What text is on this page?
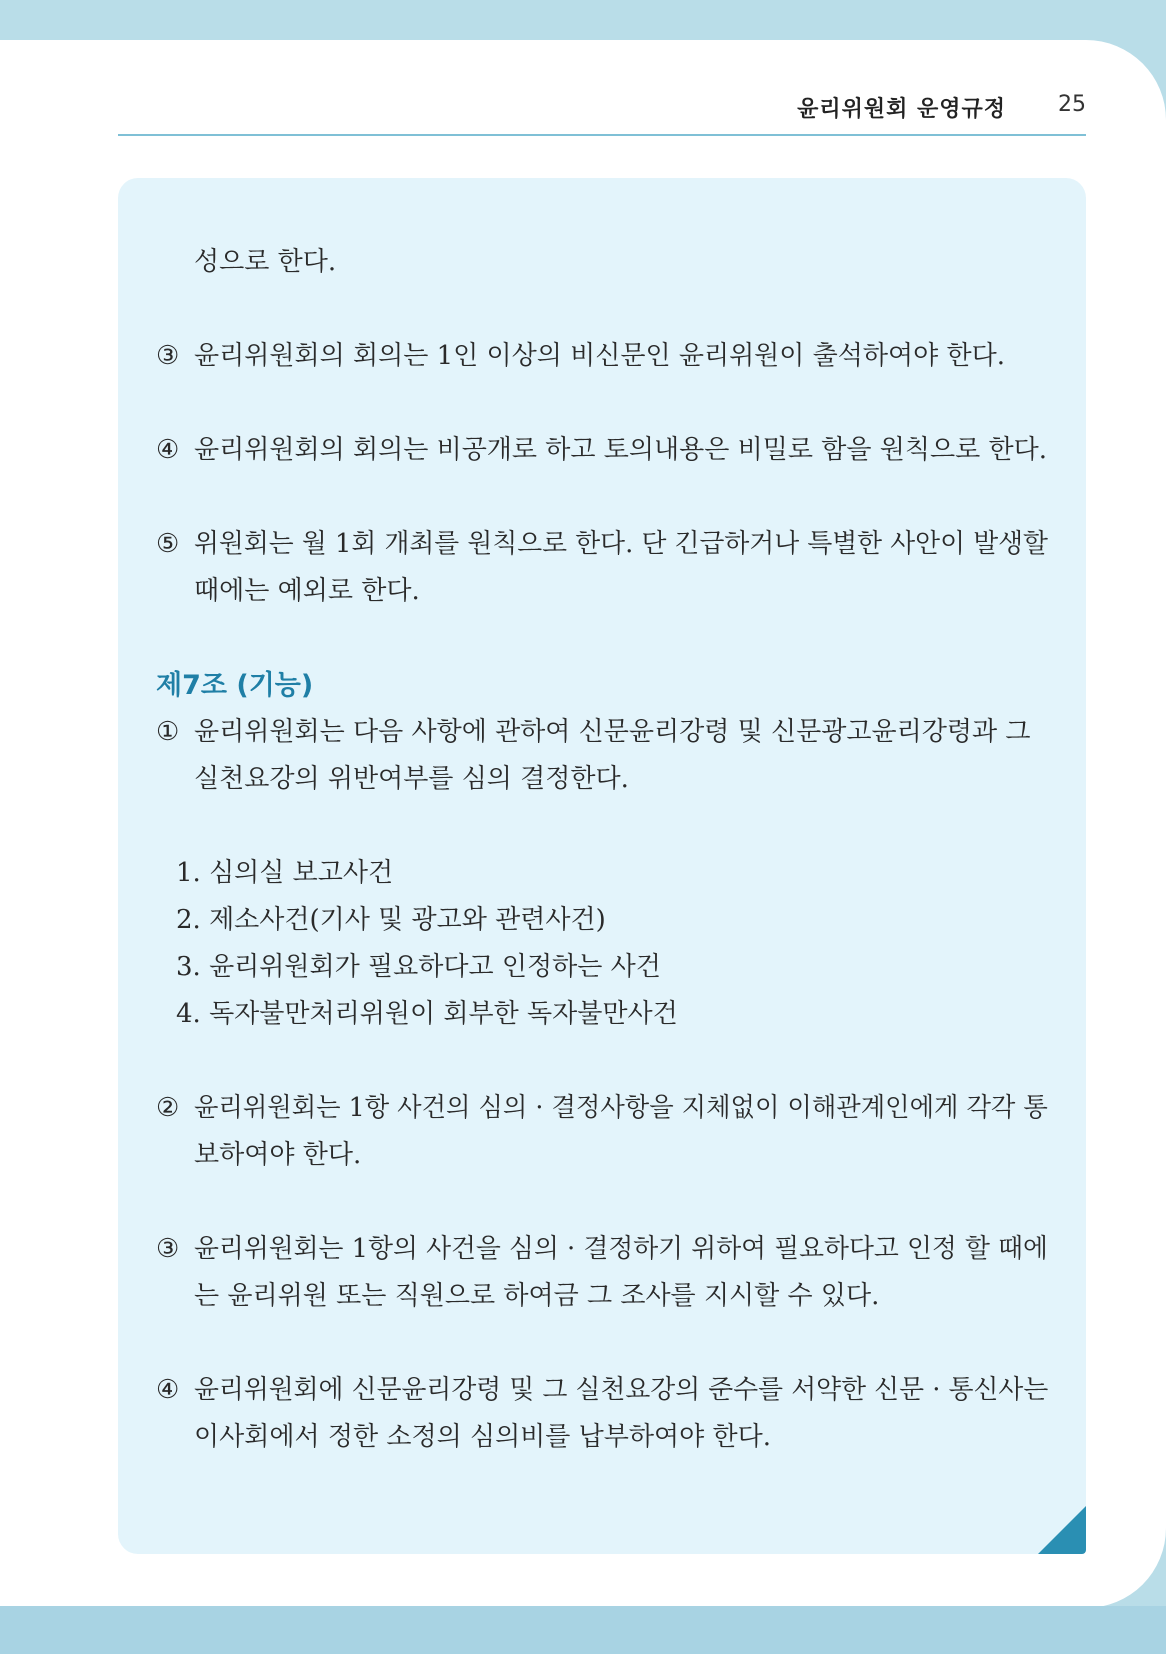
윤리위원회 운영규정 25
성으로 한다.
③ 윤리위원회의 회의는 1인 이상의 비신문인 윤리위원이 출석하여야 한다.
④ 윤리위원회의 회의는 비공개로 하고 토의내용은 비밀로 함을 원칙으로 한다.
⑤ 위원회는 월 1회 개최를 원칙으로 한다. 단 긴급하거나 특별한 사안이 발생할
때에는 예외로 한다.
제7조 (기능)
① 윤리위원회는 다음 사항에 관하여 신문윤리강령 및 신문광고윤리강령과 그
실천요강의 위반여부를 심의 결정한다.
1. 심의실 보고사건
2. 제소사건(기사 및 광고와 관련사건)
3. 윤리위원회가 필요하다고 인정하는 사건
4. 독자불만처리위원이 회부한 독자불만사건
② 윤리위원회는 1항 사건의 심의 · 결정사항을 지체없이 이해관계인에게 각각 통
보하여야 한다.
③ 윤리위원회는 1항의 사건을 심의 · 결정하기 위하여 필요하다고 인정 할 때에
는 윤리위원 또는 직원으로 하여금 그 조사를 지시할 수 있다.
④ 윤리위원회에 신문윤리강령 및 그 실천요강의 준수를 서약한 신문 · 통신사는
이사회에서 정한 소정의 심의비를 납부하여야 한다.
